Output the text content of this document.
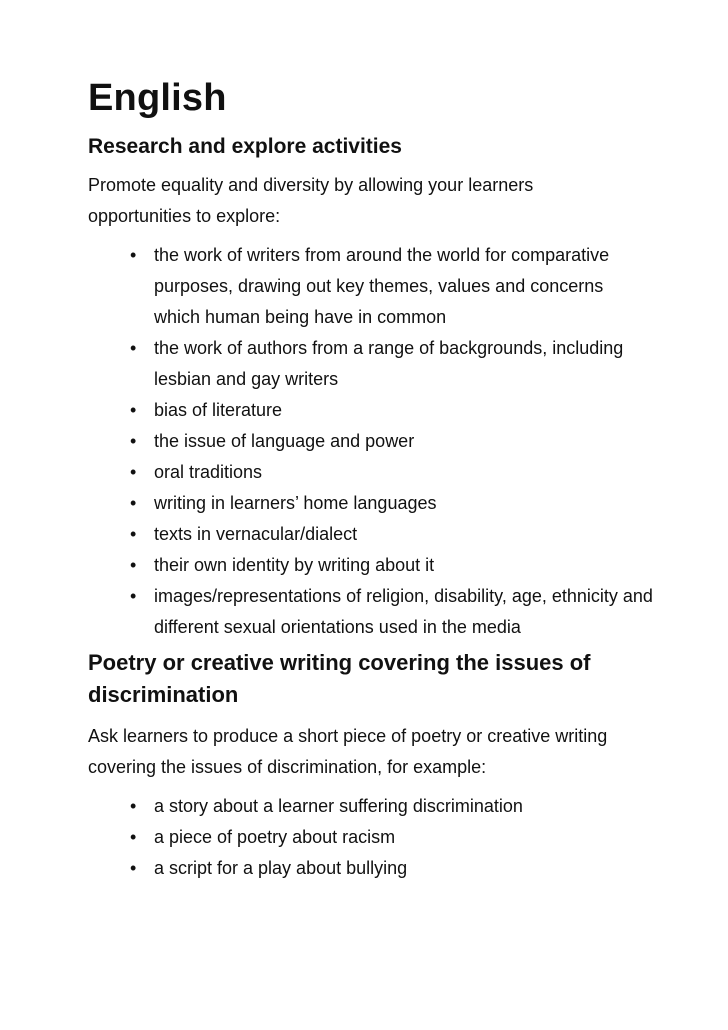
English
Research and explore activities

Promote equality and diversity by allowing your learners opportunities to explore:

• the work of writers from around the world for comparative purposes, drawing out key themes, values and concerns which human being have in common
• the work of authors from a range of backgrounds, including lesbian and gay writers
• bias of literature
• the issue of language and power
• oral traditions
• writing in learners’ home languages
• texts in vernacular/dialect
• their own identity by writing about it
• images/representations of religion, disability, age, ethnicity and different sexual orientations used in the media
Poetry or creative writing covering the issues of discrimination

Ask learners to produce a short piece of poetry or creative writing covering the issues of discrimination, for example:

• a story about a learner suffering discrimination
• a piece of poetry about racism
• a script for a play about bullying
